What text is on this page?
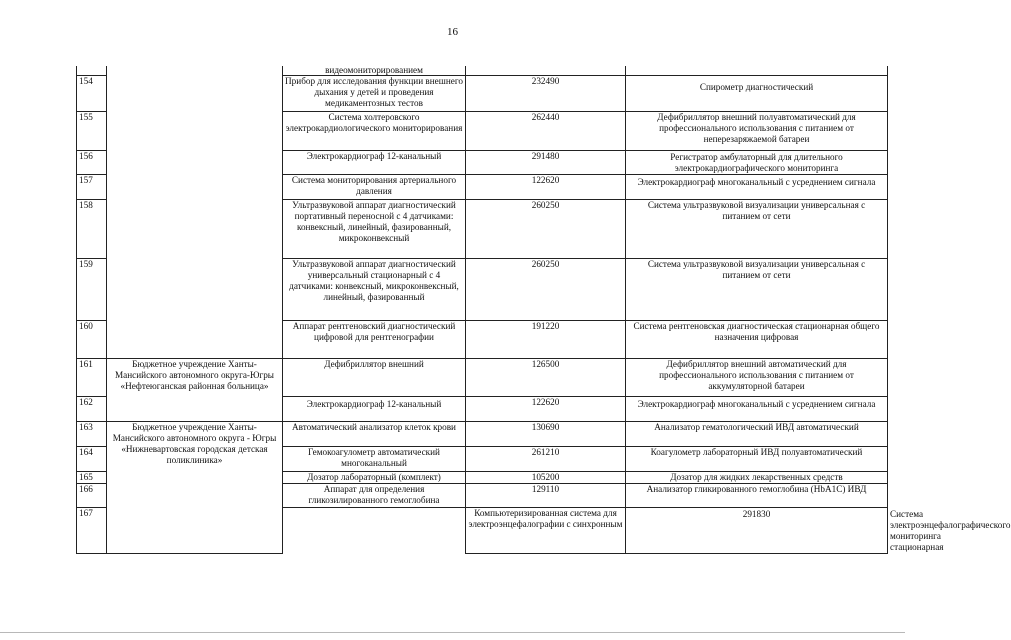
16
		видеомониторированием			
154		Прибор для исследования функции внешнего дыхания у детей и проведения медикаментозных тестов	232490	Спирометр диагностический	
155		Система холтеровского электрокардиологического мониторирования	262440	Дефибриллятор внешний полуавтоматический для профессионального использования с питанием от неперезаряжаемой батареи	
156		Электрокардиограф 12-канальный	291480	Регистратор амбулаторный для длительного электрокардиографического мониторинга	
157		Система мониторирования артериального давления	122620	Электрокардиограф многоканальный с усреднением сигнала	
158		Ультразвуковой аппарат диагностический портативный переносной с 4 датчиками: конвексный, линейный, фазированный, микроконвексный	260250	Система ультразвуковой визуализации универсальная с питанием от сети	
159		Ультразвуковой аппарат диагностический универсальный стационарный с 4 датчиками: конвексный, микроконвексный, линейный, фазированный	260250	Система ультразвуковой визуализации универсальная с питанием от сети	
160		Аппарат рентгеновский диагностический цифровой для рентгенографии	191220	Система рентгеновская диагностическая стационарная общего назначения цифровая	
161	Бюджетное учреждение Ханты-Мансийского автономного округа-Югры «Нефтеюганская районная больница»	Дефибриллятор внешний	126500	Дефибриллятор внешний автоматический для профессионального использования с питанием от аккумуляторной батареи	
162		Электрокардиограф 12-канальный	122620	Электрокардиограф многоканальный с усреднением сигнала	
163	Бюджетное учреждение Ханты-Мансийского автономного округа - Югры «Нижневартовская городская детская поликлиника»	Автоматический анализатор клеток крови	130690	Анализатор гематологический ИВД автоматический	
164		Гемокоагулометр автоматический многоканальный	261210	Коагулометр лабораторный ИВД полуавтоматический	
165		Дозатор лабораторный (комплект)	105200	Дозатор для жидких лекарственных средств	
166		Аппарат для определения гликозилированного гемоглобина	129110	Анализатор гликированного гемоглобина (HbA1C) ИВД	
167			Компьютеризированная система для электроэнцефалографии с синхронным	291830	Система электроэнцефалографического мониторинга стационарная
